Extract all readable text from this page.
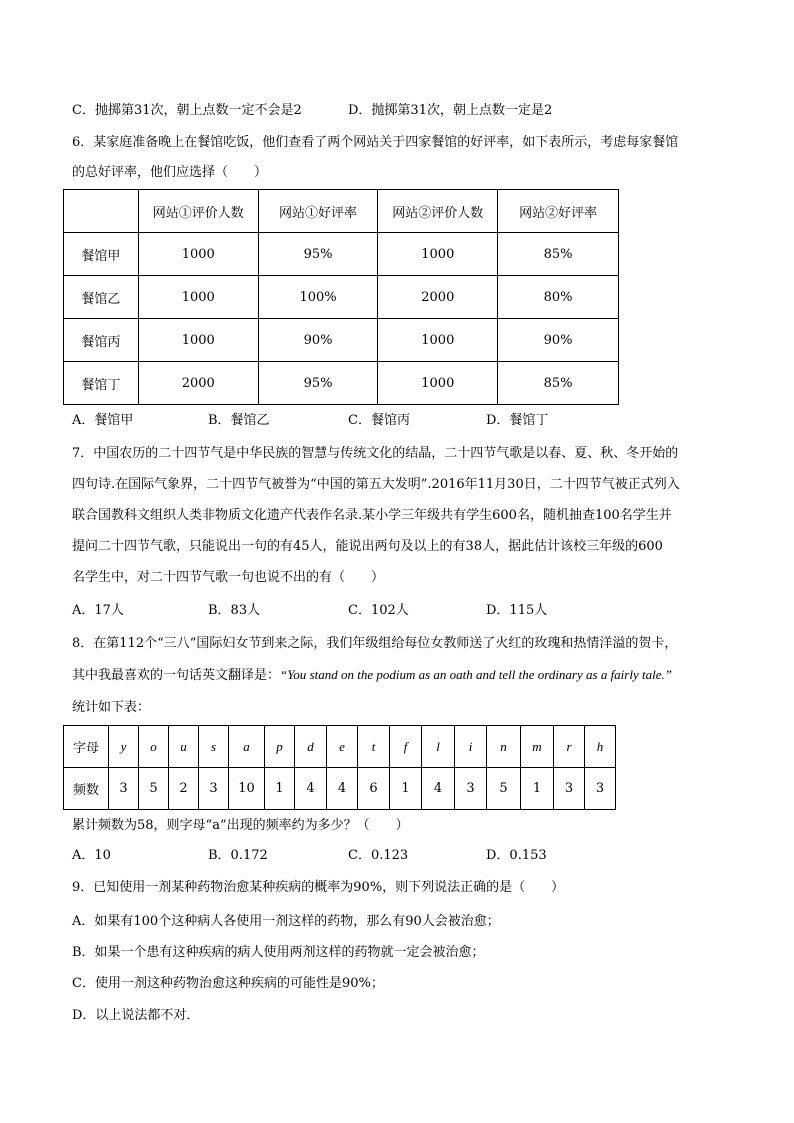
C．抛掷第31次，朝上点数一定不会是2	D．抛掷第31次，朝上点数一定是2
6．某家庭准备晚上在餐馆吃饭，他们查看了两个网站关于四家餐馆的好评率，如下表所示，考虑每家餐馆
的总好评率，他们应选择（　　）
	网站①评价人数	网站①好评率	网站②评价人数	网站②好评率
餐馆甲	1000	95%	1000	85%
餐馆乙	1000	100%	2000	80%
餐馆丙	1000	90%	1000	90%
餐馆丁	2000	95%	1000	85%
A．餐馆甲	B．餐馆乙	C．餐馆丙	D．餐馆丁
7．中国农历的二十四节气是中华民族的智慧与传统文化的结晶，二十四节气歌是以春、夏、秋、冬开始的
四句诗.在国际气象界，二十四节气被誉为“中国的第五大发明”.2016年11月30日，二十四节气被正式列入
联合国教科文组织人类非物质文化遗产代表作名录.某小学三年级共有学生600名，随机抽查100名学生并
提问二十四节气歌，只能说出一句的有45人，能说出两句及以上的有38人，据此估计该校三年级的600
名学生中，对二十四节气歌一句也说不出的有（　　）
A．17人	B．83人	C．102人	D．115人
8．在第112个“三八”国际妇女节到来之际，我们年级组给每位女教师送了火红的玫瑰和热情洋溢的贺卡，
其中我最喜欢的一句话英文翻译是：“You stand on the podium as an oath and tell the ordinary as a fairly tale.”
统计如下表：
字母	y	o	u	s	a	p	d	e	t	f	l	i	n	m	r	h
频数	3	5	2	3	10	1	4	4	6	1	4	3	5	1	3	3
累计频数为58，则字母“a”出现的频率约为多少？（　　）
A．10	B．0.172	C．0.123	D．0.153
9．已知使用一剂某种药物治愈某种疾病的概率为90%，则下列说法正确的是（　　）
A．如果有100个这种病人各使用一剂这样的药物，那么有90人会被治愈；
B．如果一个患有这种疾病的病人使用两剂这样的药物就一定会被治愈；
C．使用一剂这种药物治愈这种疾病的可能性是90%；
D．以上说法都不对．
